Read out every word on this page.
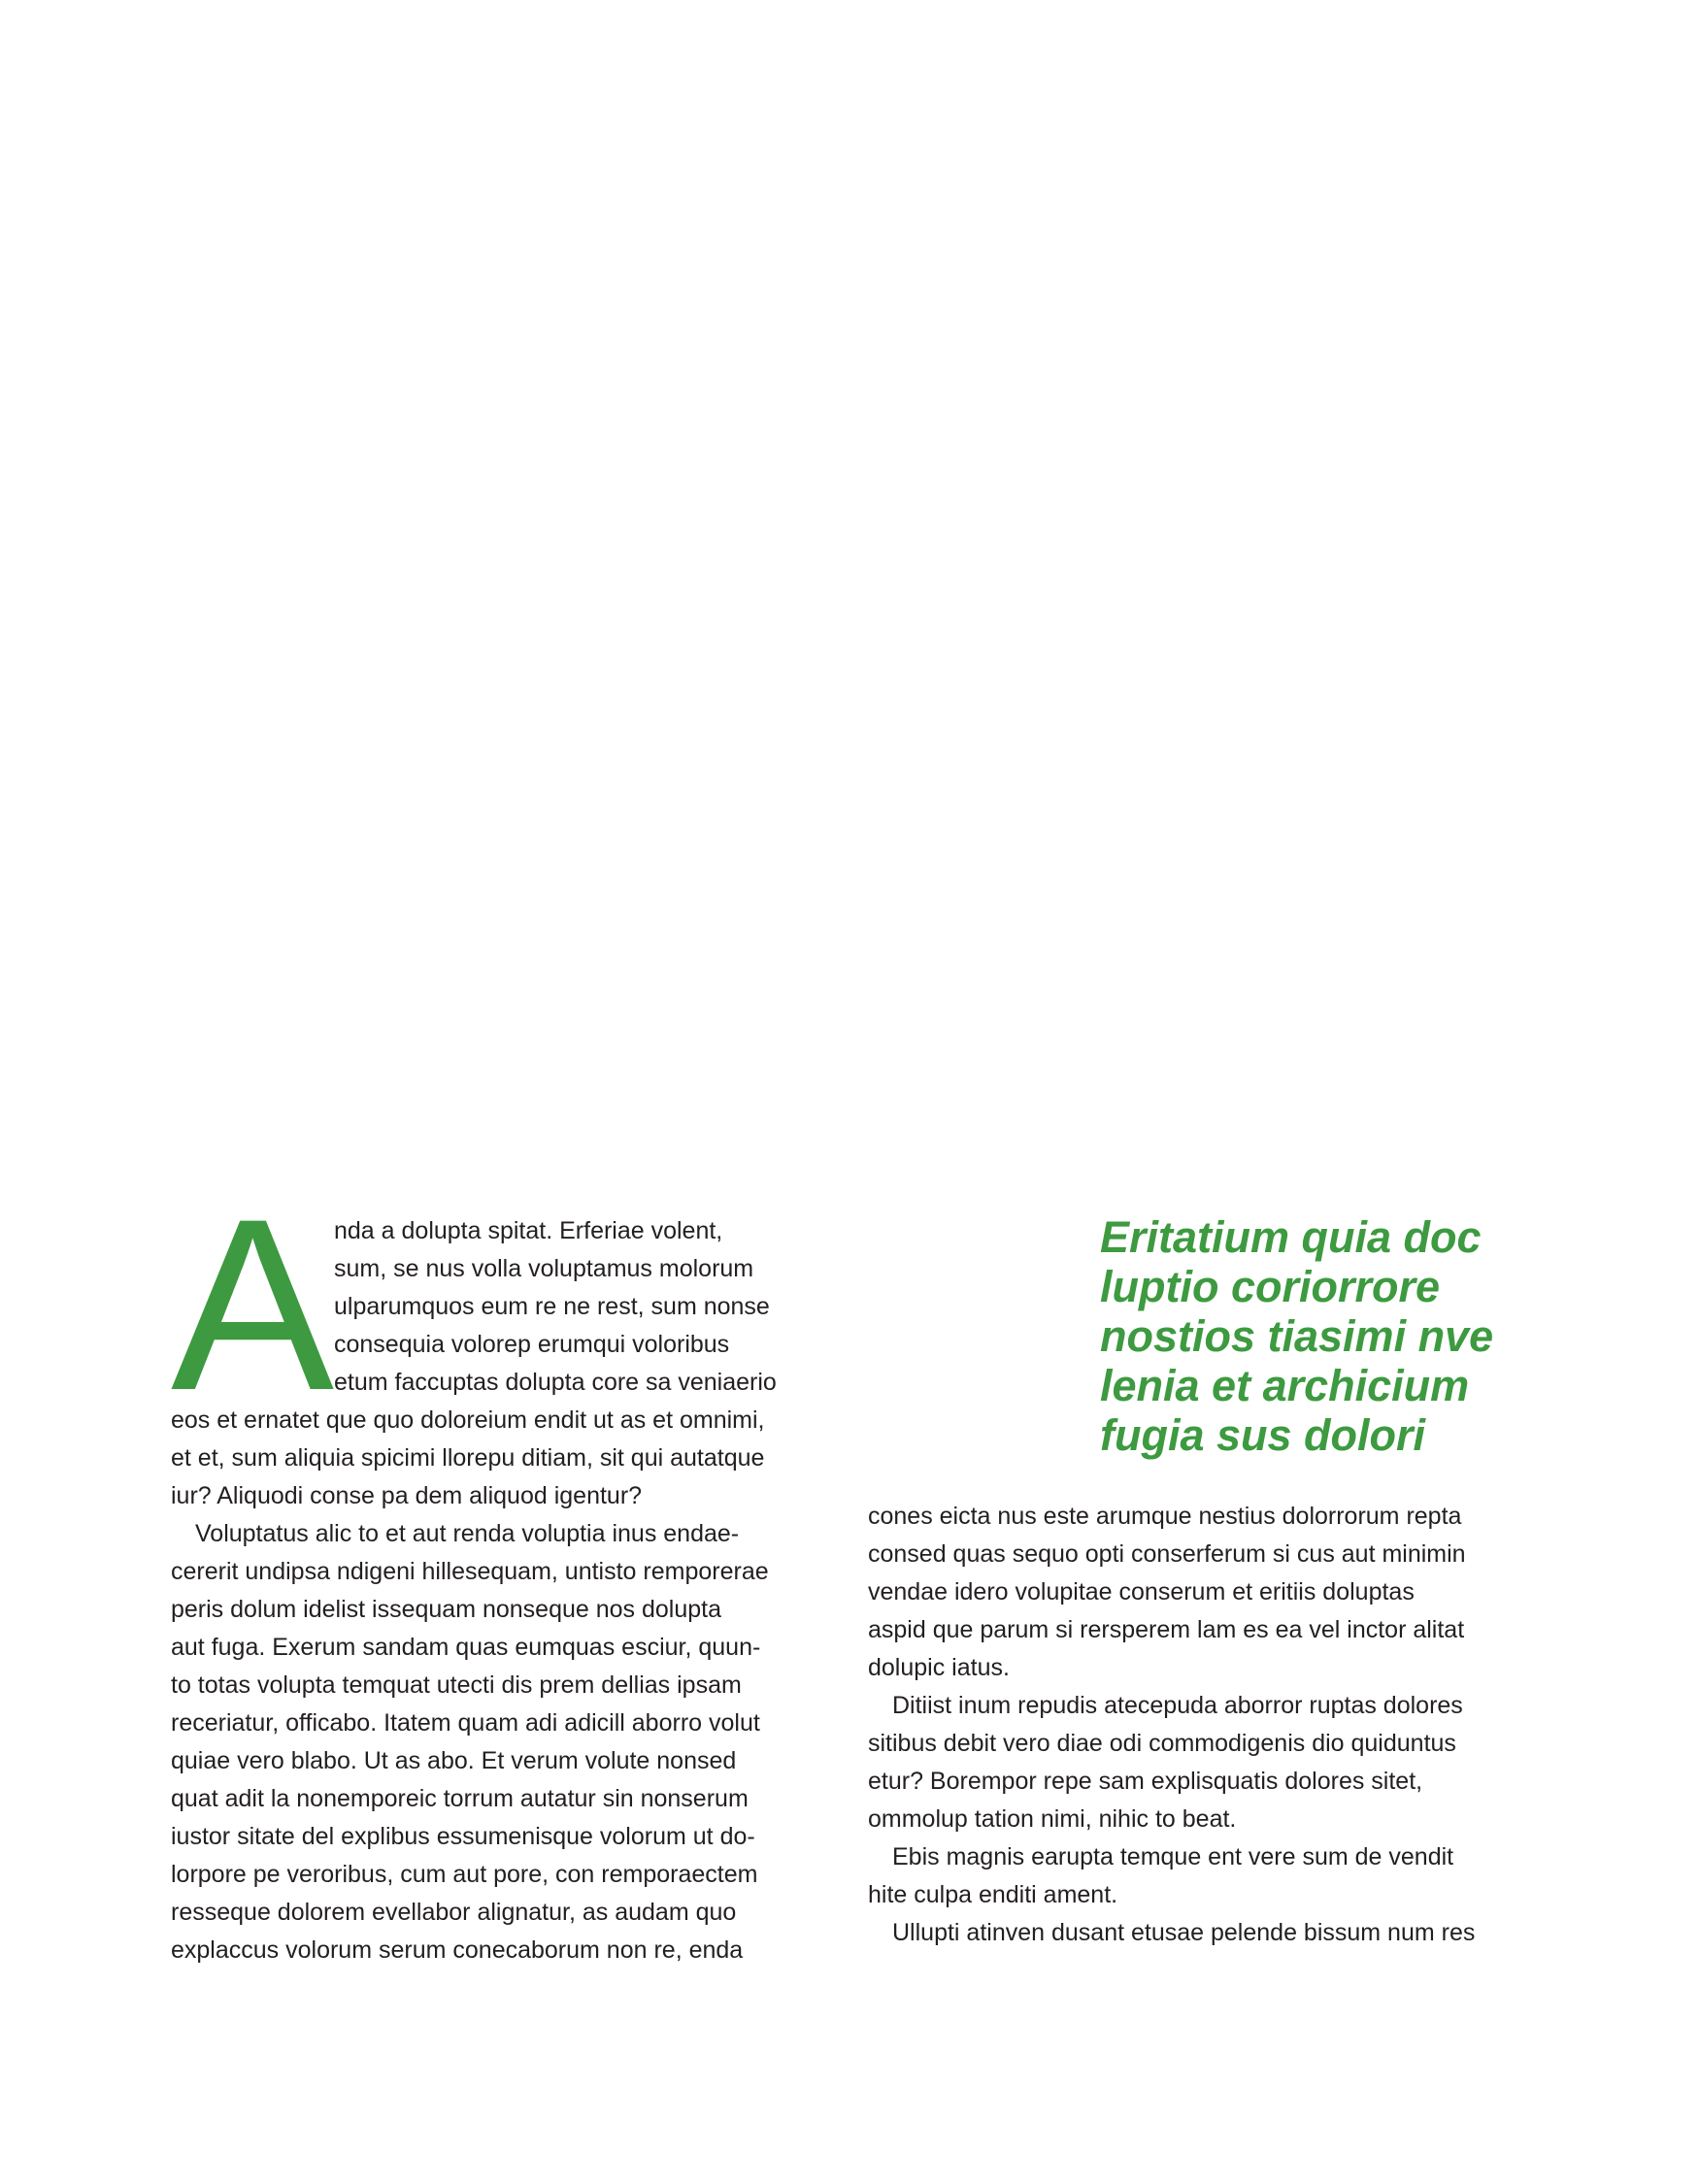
A nda a dolupta spitat. Erferiae volent,
sum, se nus volla voluptamus molorum
ulparumquos eum re ne rest, sum nonse
consequia volorep erumqui voloribus
etum faccuptas dolupta core sa veniaerio
eos et ernatet que quo doloreium endit ut as et omnimi,
et et, sum aliquia spicimi llorepu ditiam, sit qui autatque
iur? Aliquodi conse pa dem aliquod igentur?
Voluptatus alic to et aut renda voluptia inus endae-
cererit undipsa ndigeni hillesequam, untisto remporerae
peris dolum idelist issequam nonseque nos dolupta
aut fuga. Exerum sandam quas eumquas esciur, quun-
to totas volupta temquat utecti dis prem dellias ipsam
receriatur, officabo. Itatem quam adi adicill aborro volut
quiae vero blabo. Ut as abo. Et verum volute nonsed
quat adit la nonemporeic torrum autatur sin nonserum
iustor sitate del explibus essumenisque volorum ut do-
lorpore pe veroribus, cum aut pore, con remporaectem
resseque dolorem evellabor alignatur, as audam quo
explaccus volorum serum conecaborum non re, enda
Eritatium quia doc
luptio coriorrore
nostios tiasimi nve
lenia et archicium
fugia sus dolori
cones eicta nus este arumque nestius dolorrorum repta
consed quas sequo opti conserferum si cus aut minimin
vendae idero volupitae conserum et eritiis doluptas
aspid que parum si rersperem lam es ea vel inctor alitat
dolupic iatus.
Ditiist inum repudis atecepuda aborror ruptas dolores
sitibus debit vero diae odi commodigenis dio quiduntus
etur? Borempor repe sam explisquatis dolores sitet,
ommolup tation nimi, nihic to beat.
Ebis magnis earupta temque ent vere sum de vendit
hite culpa enditi ament.
Ullupti atinven dusant etusae pelende bissum num res
